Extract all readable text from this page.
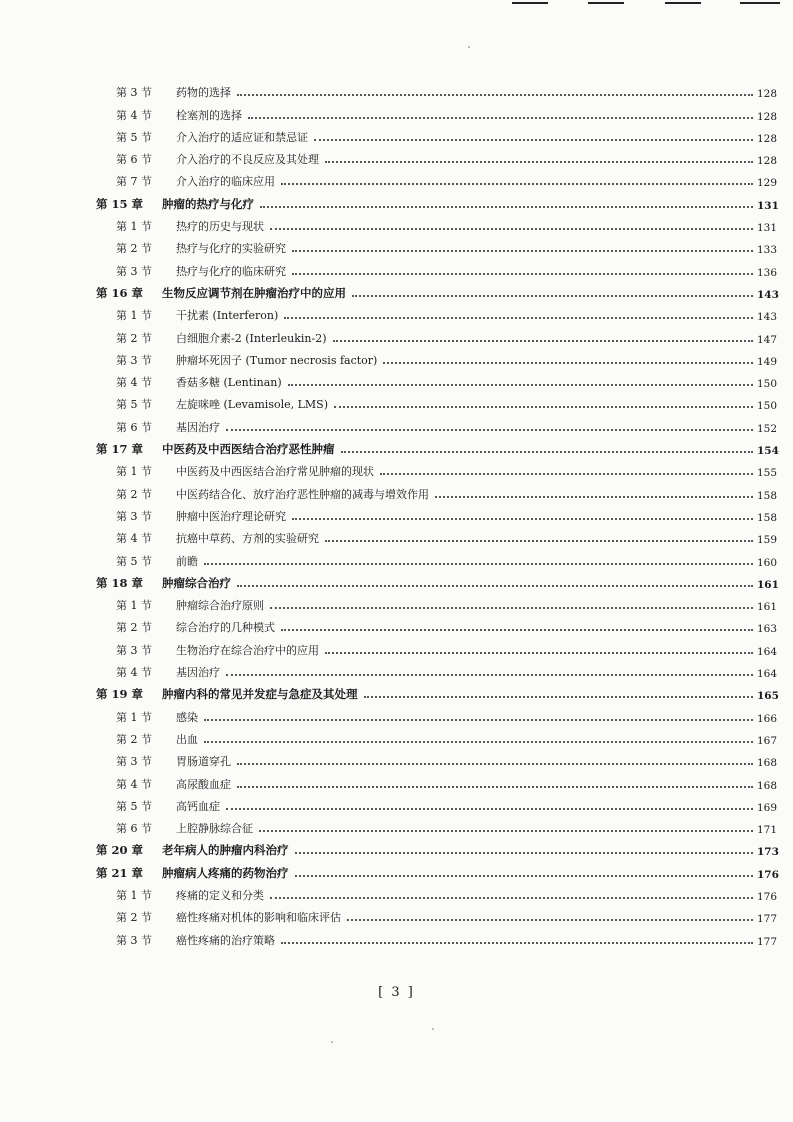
第 3 节	药物的选择	128
第 4 节	栓塞剂的选择	128
第 5 节	介入治疗的适应证和禁忌证	128
第 6 节	介入治疗的不良反应及其处理	128
第 7 节	介入治疗的临床应用	129
第 15 章	肿瘤的热疗与化疗	131
第 1 节	热疗的历史与现状	131
第 2 节	热疗与化疗的实验研究	133
第 3 节	热疗与化疗的临床研究	136
第 16 章	生物反应调节剂在肿瘤治疗中的应用	143
第 1 节	干扰素 (Interferon)	143
第 2 节	白细胞介素-2 (Interleukin-2)	147
第 3 节	肿瘤坏死因子 (Tumor necrosis factor)	149
第 4 节	香菇多糖 (Lentinan)	150
第 5 节	左旋咪唑 (Levamisole, LMS)	150
第 6 节	基因治疗	152
第 17 章	中医药及中西医结合治疗恶性肿瘤	154
第 1 节	中医药及中西医结合治疗常见肿瘤的现状	155
第 2 节	中医药结合化、放疗治疗恶性肿瘤的减毒与增效作用	158
第 3 节	肿瘤中医治疗理论研究	158
第 4 节	抗癌中草药、方剂的实验研究	159
第 5 节	前瞻	160
第 18 章	肿瘤综合治疗	161
第 1 节	肿瘤综合治疗原则	161
第 2 节	综合治疗的几种模式	163
第 3 节	生物治疗在综合治疗中的应用	164
第 4 节	基因治疗	164
第 19 章	肿瘤内科的常见并发症与急症及其处理	165
第 1 节	感染	166
第 2 节	出血	167
第 3 节	胃肠道穿孔	168
第 4 节	高尿酸血症	168
第 5 节	高钙血症	169
第 6 节	上腔静脉综合征	171
第 20 章	老年病人的肿瘤内科治疗	173
第 21 章	肿瘤病人疼痛的药物治疗	176
第 1 节	疼痛的定义和分类	176
第 2 节	癌性疼痛对机体的影响和临床评估	177
第 3 节	癌性疼痛的治疗策略	177
[ 3 ]
